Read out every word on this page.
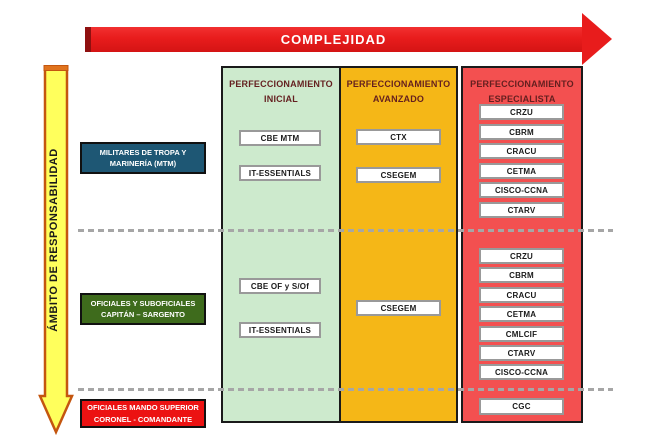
COMPLEJIDAD
ÁMBITO DE RESPONSABILIDAD
PERFECCIONAMIENTO
INICIAL
PERFECCIONAMIENTO
AVANZADO
PERFECCIONAMIENTO
ESPECIALISTA
MILITARES DE TROPA Y
MARINERÍA (MTM)
OFICIALES Y SUBOFICIALES
CAPITÁN – SARGENTO
OFICIALES MANDO SUPERIOR
CORONEL - COMANDANTE
CBE MTM
IT-ESSENTIALS
CBE OF y S/Of
IT-ESSENTIALS
CTX
CSEGEM
CSEGEM
CRZU
CBRM
CRACU
CETMA
CISCO-CCNA
CTARV
CRZU
CBRM
CRACU
CETMA
CMLCIF
CTARV
CISCO-CCNA
CGC
